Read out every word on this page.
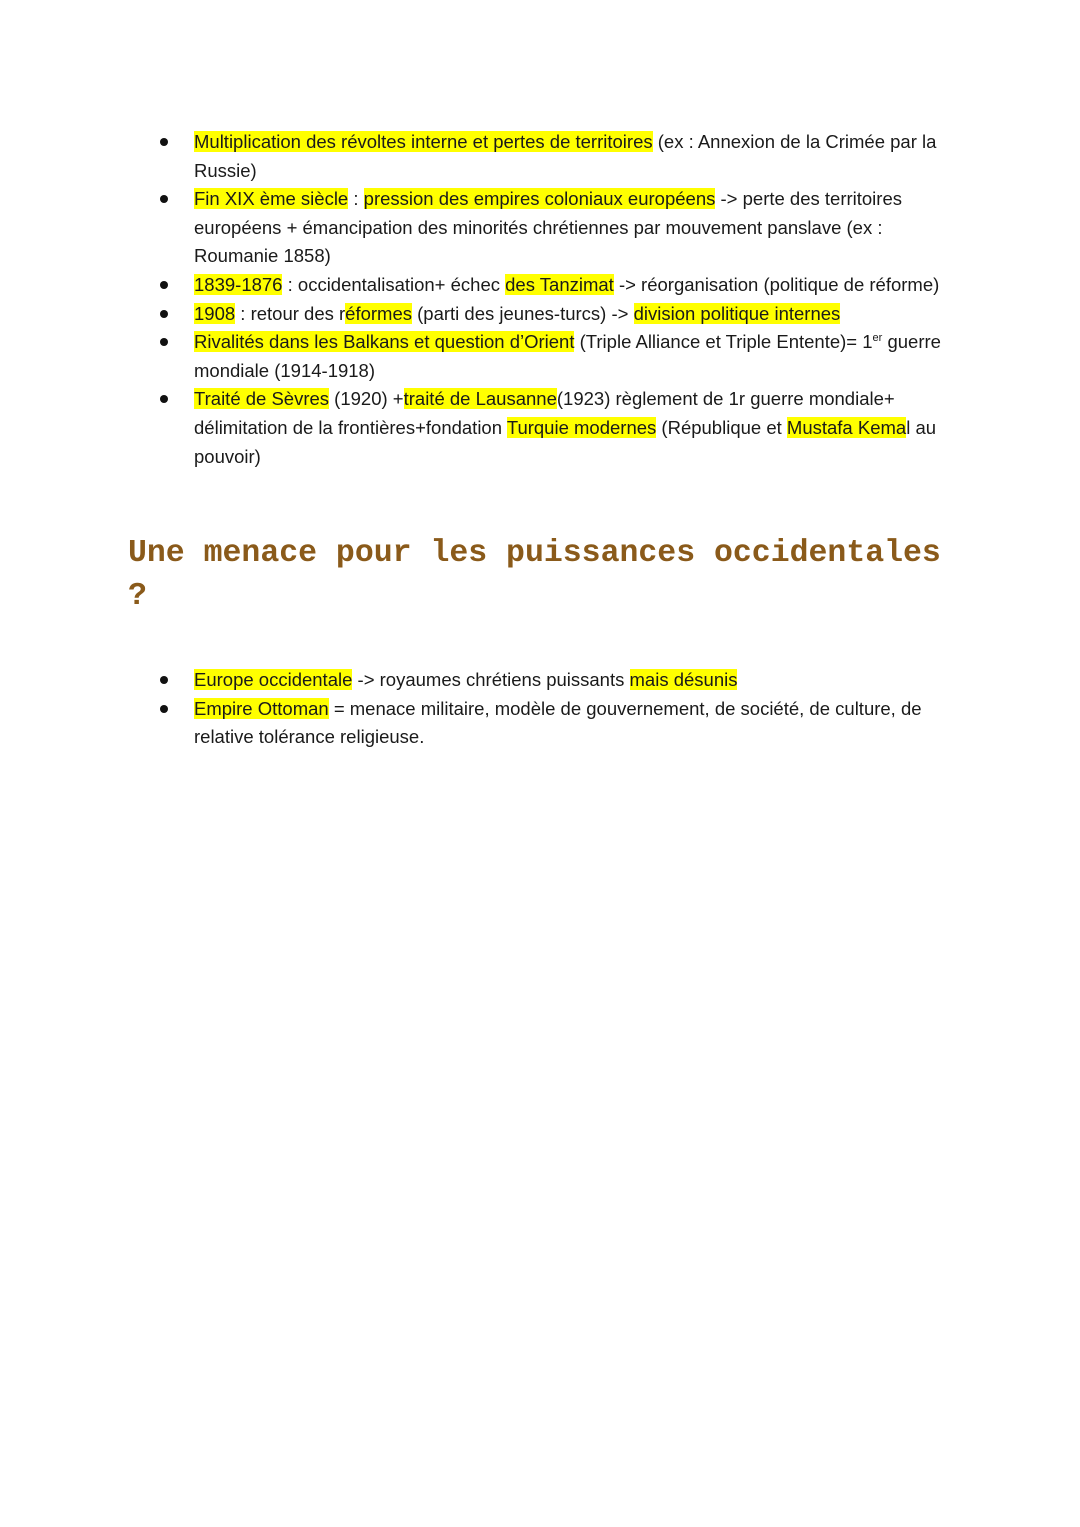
Multiplication des révoltes interne et pertes de territoires (ex : Annexion de la Crimée par la Russie)
Fin XIX ème siècle : pression des empires coloniaux européens -> perte des territoires européens + émancipation des minorités chrétiennes par mouvement panslave (ex : Roumanie 1858)
1839-1876 : occidentalisation+ échec des Tanzimat -> réorganisation (politique de réforme)
1908 : retour des réformes (parti des jeunes-turcs) -> division politique internes
Rivalités dans les Balkans et question d’Orient (Triple Alliance et Triple Entente)= 1er guerre mondiale (1914-1918)
Traité de Sèvres (1920) +traité de Lausanne(1923) règlement de 1r guerre mondiale+ délimitation de la frontières+fondation Turquie modernes (République et Mustafa Kemal au pouvoir)
Une menace pour les puissances occidentales ?
Europe occidentale -> royaumes chrétiens puissants mais désunis
Empire Ottoman = menace militaire, modèle de gouvernement, de société, de culture, de relative tolérance religieuse.
